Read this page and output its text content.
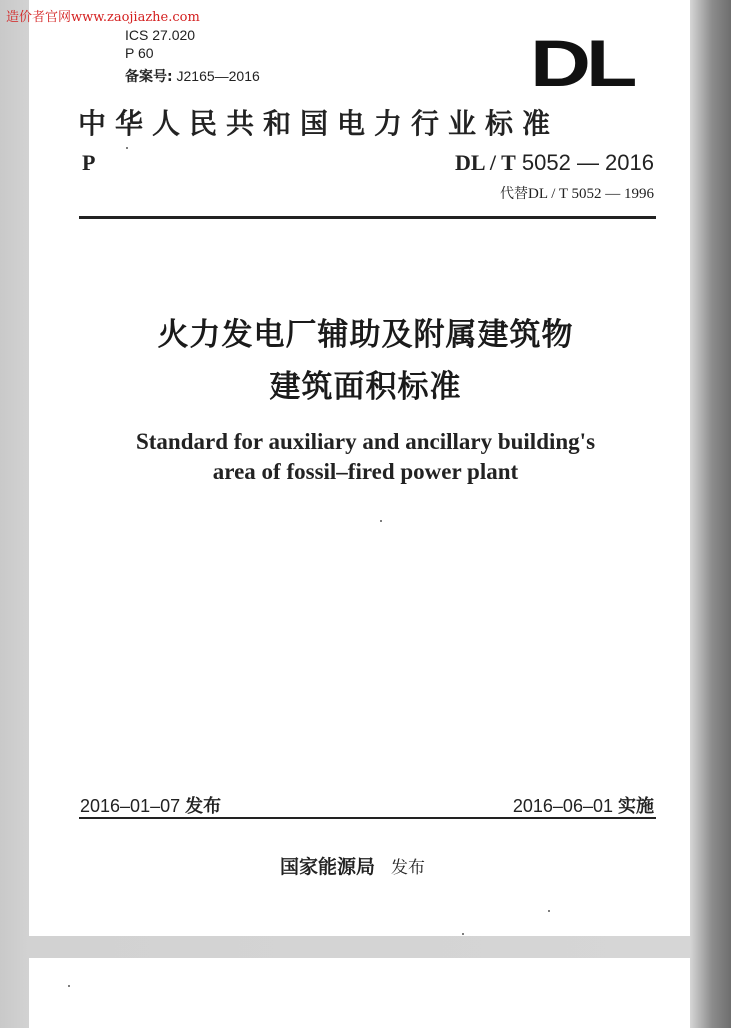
ICS 27.020
P 60
备案号: J2165—2016
造价者官网www.zaojiazhe.com
DL
中华人民共和国电力行业标准
P	DL / T 5052 — 2016
代替DL / T 5052 — 1996
火力发电厂辅助及附属建筑物
建筑面积标准
Standard for auxiliary and ancillary building's
area of fossil–fired power plant
2016–01–07 发布	2016–06–01 实施
国家能源局 发布
